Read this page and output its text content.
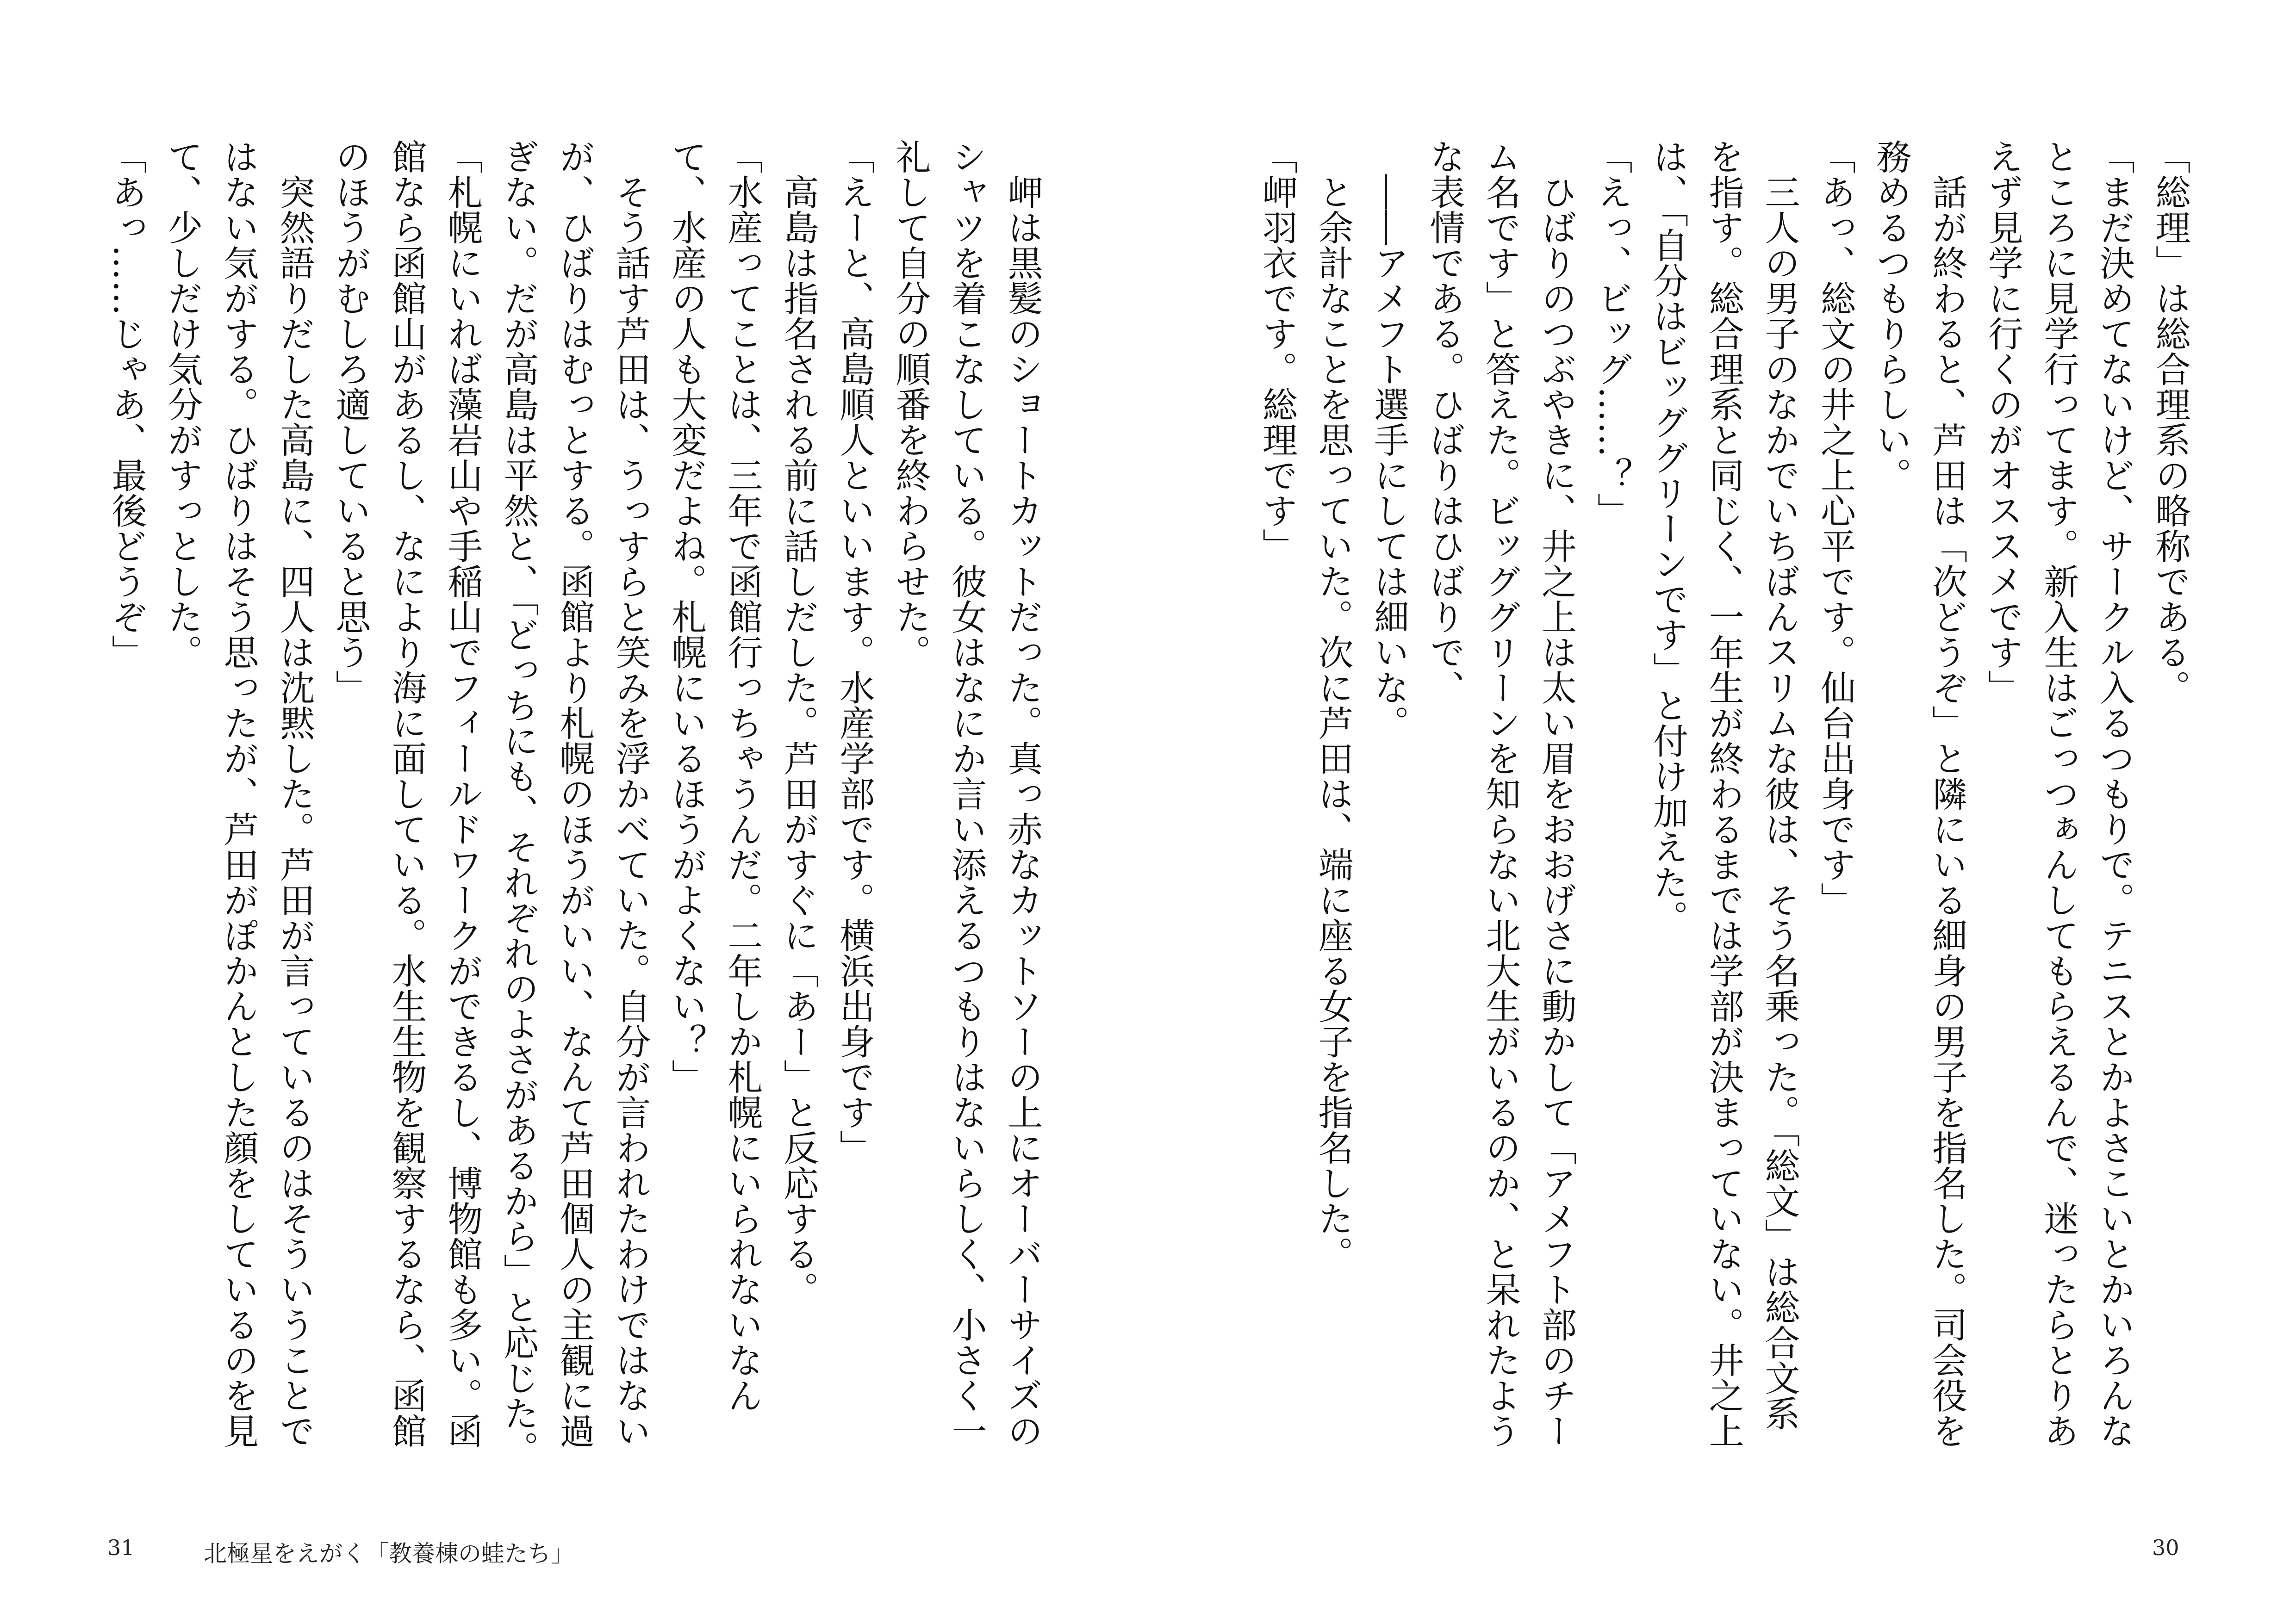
「総理」は総合理系の略称である。
「まだ決めてないけど、サークル入るつもりで。テニスとかよさこいとかいろんな
ところに見学行ってます。新入生はごっつぁんしてもらえるんで、迷ったらとりあ
えず見学に行くのがオススメです」
　話が終わると、芦田は「次どうぞ」と隣にいる細身の男子を指名した。司会役を
務めるつもりらしい。
「あっ、総文の井之上心平です。仙台出身です」
　三人の男子のなかでいちばんスリムな彼は、そう名乗った。「総文」は総合文系
を指す。総合理系と同じく、一年生が終わるまでは学部が決まっていない。井之上
は、「自分はビッググリーンです」と付け加えた。
「えっ、ビッグ……？」
　ひばりのつぶやきに、井之上は太い眉をおおげさに動かして「アメフト部のチー
ム名です」と答えた。ビッググリーンを知らない北大生がいるのか、と呆れたよう
な表情である。ひばりはひばりで、
　――アメフト選手にしては細いな。
　と余計なことを思っていた。次に芦田は、端に座る女子を指名した。
「岬羽衣です。総理です」
　岬は黒髪のショートカットだった。真っ赤なカットソーの上にオーバーサイズの
シャツを着こなしている。彼女はなにか言い添えるつもりはないらしく、小さく一
礼して自分の順番を終わらせた。
「えーと、高島順人といいます。水産学部です。横浜出身です」
　高島は指名される前に話しだした。芦田がすぐに「あー」と反応する。
「水産ってことは、三年で函館行っちゃうんだ。二年しか札幌にいられないなん
て、水産の人も大変だよね。札幌にいるほうがよくない？」
　そう話す芦田は、うっすらと笑みを浮かべていた。自分が言われたわけではない
が、ひばりはむっとする。函館より札幌のほうがいい、なんて芦田個人の主観に過
ぎない。だが高島は平然と、「どっちにも、それぞれのよさがあるから」と応じた。
「札幌にいれば藻岩山や手稲山でフィールドワークができるし、博物館も多い。函
館なら函館山があるし、なにより海に面している。水生生物を観察するなら、函館
のほうがむしろ適していると思う」
　突然語りだした高島に、四人は沈黙した。芦田が言っているのはそういうことで
はない気がする。ひばりはそう思ったが、芦田がぽかんとした顔をしているのを見
て、少しだけ気分がすっとした。
「あっ……じゃあ、最後どうぞ」
31	北極星をえがく「教養棟の蛙たち」	30
